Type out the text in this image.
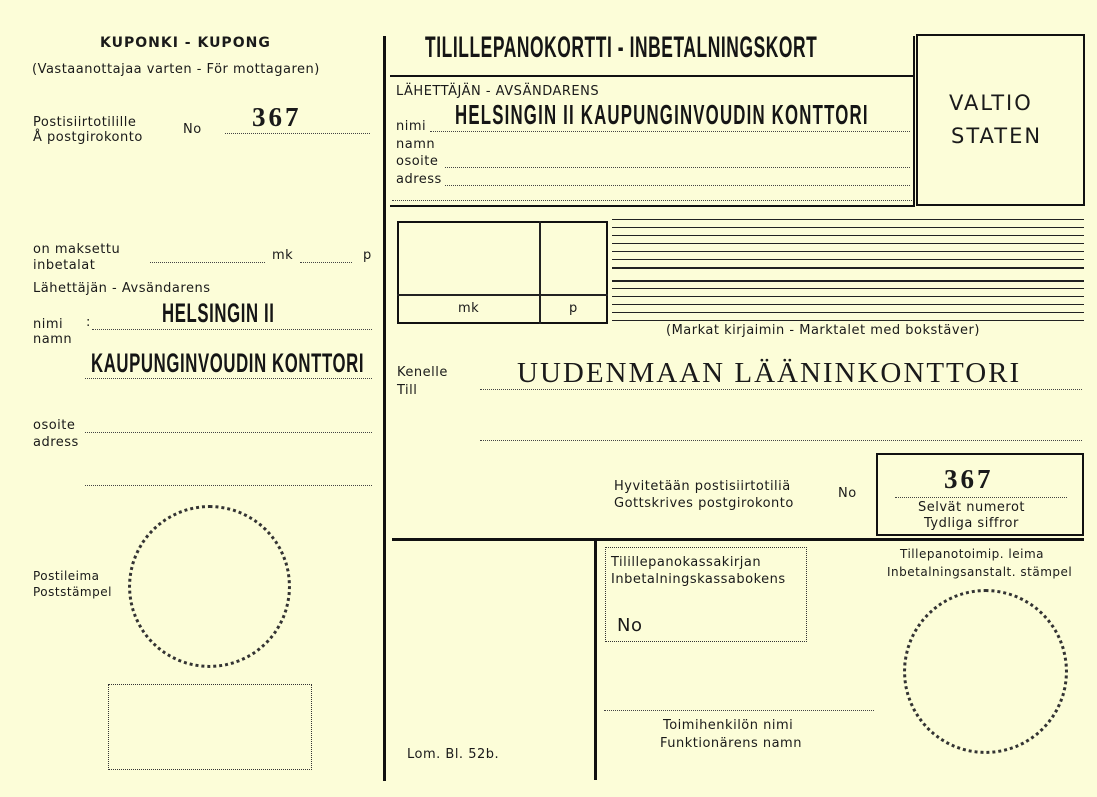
KUPONKI - KUPONG
(Vastaanottajaa varten - För mottagaren)
Postisiirtotilille
Å postgirokonto
No 367
on maksettu
inbetalat
mk	p
Lähettäjän - Avsändarens
nimi
namn
:	HELSINGIN II
KAUPUNGINVOUDIN KONTTORI
osoite
adress
Postileima
Poststämpel
TILILLEPANOKORTTI - INBETALNINGSKORT
LÄHETTÄJÄN - AVSÄNDARENS
nimi
namn
HELSINGIN II KAUPUNGINVOUDIN KONTTORI
osoite
adress
VALTIO
STATEN
mk	p
(Markat kirjaimin - Marktalet med bokstäver)
Kenelle
Till
UUDENMAAN LÄÄNINKONTTORI
Hyvitetään postisiirtotiliä
Gottskrives postgirokonto
No	367
Selvät numerot
Tydliga siffror
Tilillepanokassakirjan
Inbetalningskassabokens
No
Tillepanotoimip. leima
Inbetalningsanstalt. stämpel
Toimihenkilön nimi
Funktionärens namn
Lom. Bl. 52b.
